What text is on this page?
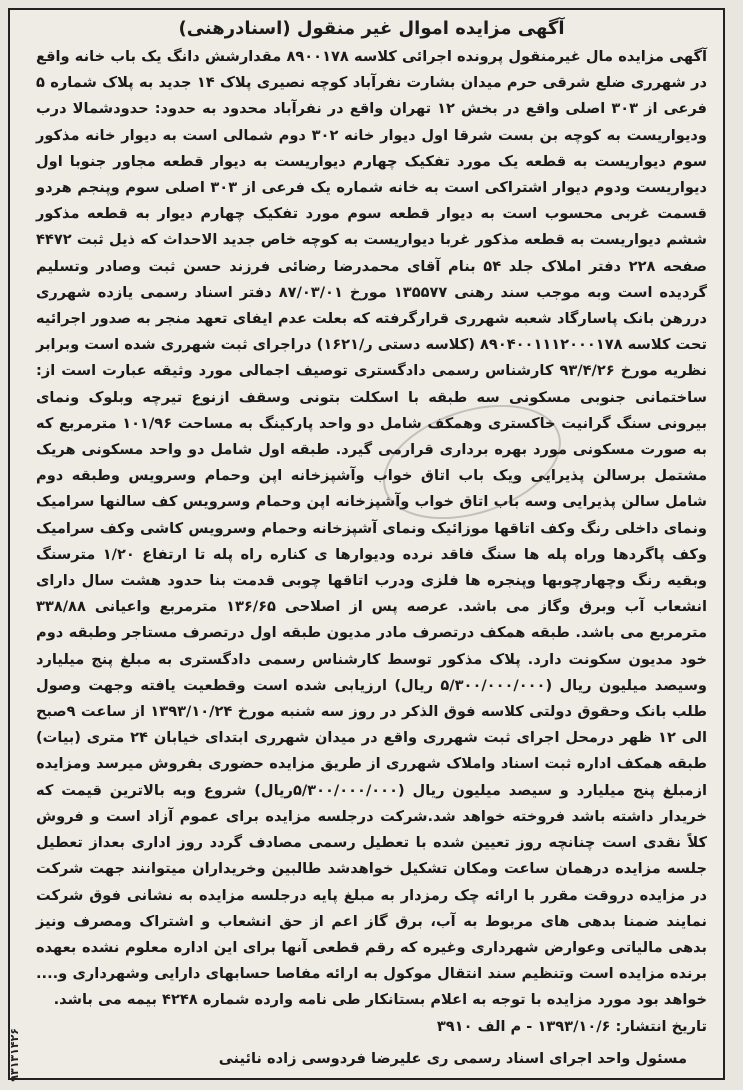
آگهی مزایده اموال غیر منقول (اسنادرهنی)

آگهی مزایده مال غیرمنقول پرونده اجرائی کلاسه ۸۹۰۰۱۷۸ مقدارشش دانگ یک باب خانه واقع در شهرری ضلع شرقی حرم میدان بشارت نفرآباد کوچه نصیری پلاک ۱۴ جدید به پلاک شماره ۵ فرعی از ۳۰۳ اصلی واقع در بخش ۱۲ تهران واقع در نفرآباد محدود به حدود: حدودشمالا درب ودیواریست به کوچه بن بست شرقا اول دیوار خانه ۳۰۲ دوم شمالی است به دیوار خانه مذکور سوم دیواریست به قطعه یک مورد تفکیک چهارم دیواریست به دیوار قطعه مجاور جنوبا اول دیواریست ودوم دیوار اشتراکی است به خانه شماره یک فرعی از ۳۰۳ اصلی سوم وپنجم هردو قسمت غربی محسوب است به دیوار قطعه سوم مورد تفکیک چهارم دیوار به قطعه مذکور ششم دیواریست به قطعه مذکور غربا دیواریست به کوچه خاص جدید الاحداث که ذیل ثبت ۴۴۷۲ صفحه ۲۲۸ دفتر املاک جلد ۵۴ بنام آقای محمدرضا رضائی فرزند حسن ثبت وصادر وتسلیم گردیده است وبه موجب سند رهنی ۱۳۵۵۷۷ مورخ ۸۷/۰۳/۰۱ دفتر اسناد رسمی یازده شهرری دررهن بانک پاسارگاد شعبه شهرری قرارگرفته که بعلت عدم ایفای تعهد منجر به صدور اجرائیه تحت کلاسه ۸۹۰۴۰۰۱۱۱۲۰۰۰۱۷۸ (کلاسه دستی ر/۱۶۲۱) دراجرای ثبت شهرری شده است وبرابر نظریه مورخ ۹۳/۴/۲۶ کارشناس رسمی دادگستری توصیف اجمالی مورد وثیقه عبارت است از: ساختمانی جنوبی مسکونی سه طبقه با اسکلت بتونی وسقف ازنوع تیرچه وبلوک ونمای بیرونی سنگ گرانیت خاکستری وهمکف شامل دو واحد پارکینگ به مساحت ۱۰۱/۹۶ مترمربع که به صورت مسکونی مورد بهره برداری قرارمی گیرد. طبقه اول شامل دو واحد مسکونی هریک مشتمل برسالن پذیرایی ویک باب اتاق خواب وآشپزخانه اپن وحمام وسرویس وطبقه دوم شامل سالن پذیرایی وسه باب اتاق خواب وآشپزخانه اپن وحمام وسرویس کف سالنها سرامیک ونمای داخلی رنگ وکف اتاقها موزائیک ونمای آشپزخانه وحمام وسرویس کاشی وکف سرامیک وکف پاگردها وراه پله ها سنگ فاقد نرده ودیوارها ی کناره راه پله تا ارتفاع ۱/۲۰ مترسنگ وبقیه رنگ وچهارچوبها وپنجره ها فلزی ودرب اتاقها چوبی قدمت بنا حدود هشت سال دارای انشعاب آب وبرق وگاز می باشد. عرصه پس از اصلاحی ۱۳۶/۶۵ مترمربع واعیانی ۳۳۸/۸۸ مترمربع می باشد. طبقه همکف درتصرف مادر مدیون طبقه اول درتصرف مستاجر وطبقه دوم خود مدیون سکونت دارد. پلاک مذکور توسط کارشناس رسمی دادگستری به مبلغ پنج میلیارد وسیصد میلیون ریال (۵/۳۰۰/۰۰۰/۰۰۰ ریال) ارزیابی شده است وقطعیت یافته وجهت وصول طلب بانک وحقوق دولتی کلاسه فوق الذکر در روز سه شنبه مورخ ۱۳۹۳/۱۰/۲۴ از ساعت ۹صبح الی ۱۲ ظهر درمحل اجرای ثبت شهرری واقع در میدان شهرری ابتدای خیابان ۲۴ متری (بیات) طبقه همکف اداره ثبت اسناد واملاک شهرری از طریق مزایده حضوری بفروش میرسد ومزایده ازمبلغ پنج میلیارد و سیصد میلیون ریال (۵/۳۰۰/۰۰۰/۰۰۰ریال) شروع وبه بالاترین قیمت که خریدار داشته باشد فروخته خواهد شد.شرکت درجلسه مزایده برای عموم آزاد است و فروش کلاً نقدی است چنانچه روز تعیین شده با تعطیل رسمی مصادف گردد روز اداری بعداز تعطیل جلسه مزایده درهمان ساعت ومکان تشکیل خواهدشد طالبین وخریداران میتوانند جهت شرکت در مزایده دروقت مقرر با ارائه چک رمزدار به مبلغ پایه درجلسه مزایده به نشانی فوق شرکت نمایند ضمنا بدهی های مربوط به آب، برق گاز اعم از حق انشعاب و اشتراک ومصرف ونیز بدهی مالیاتی وعوارض شهرداری وغیره که رقم قطعی آنها برای این اداره معلوم نشده بعهده برنده مزایده است وتنظیم سند انتقال موکول به ارائه مفاصا حسابهای دارایی وشهرداری و.... خواهد بود مورد مزایده با توجه به اعلام بستانکار طی نامه وارده شماره ۴۲۴۸ بیمه می باشد.

تاریخ انتشار: ۱۳۹۳/۱۰/۶ - م الف ۳۹۱۰

مسئول واحد اجرای اسناد رسمی ری علیرضا فردوسی زاده نائینی

۹۳۱۳۱۴۲۶
